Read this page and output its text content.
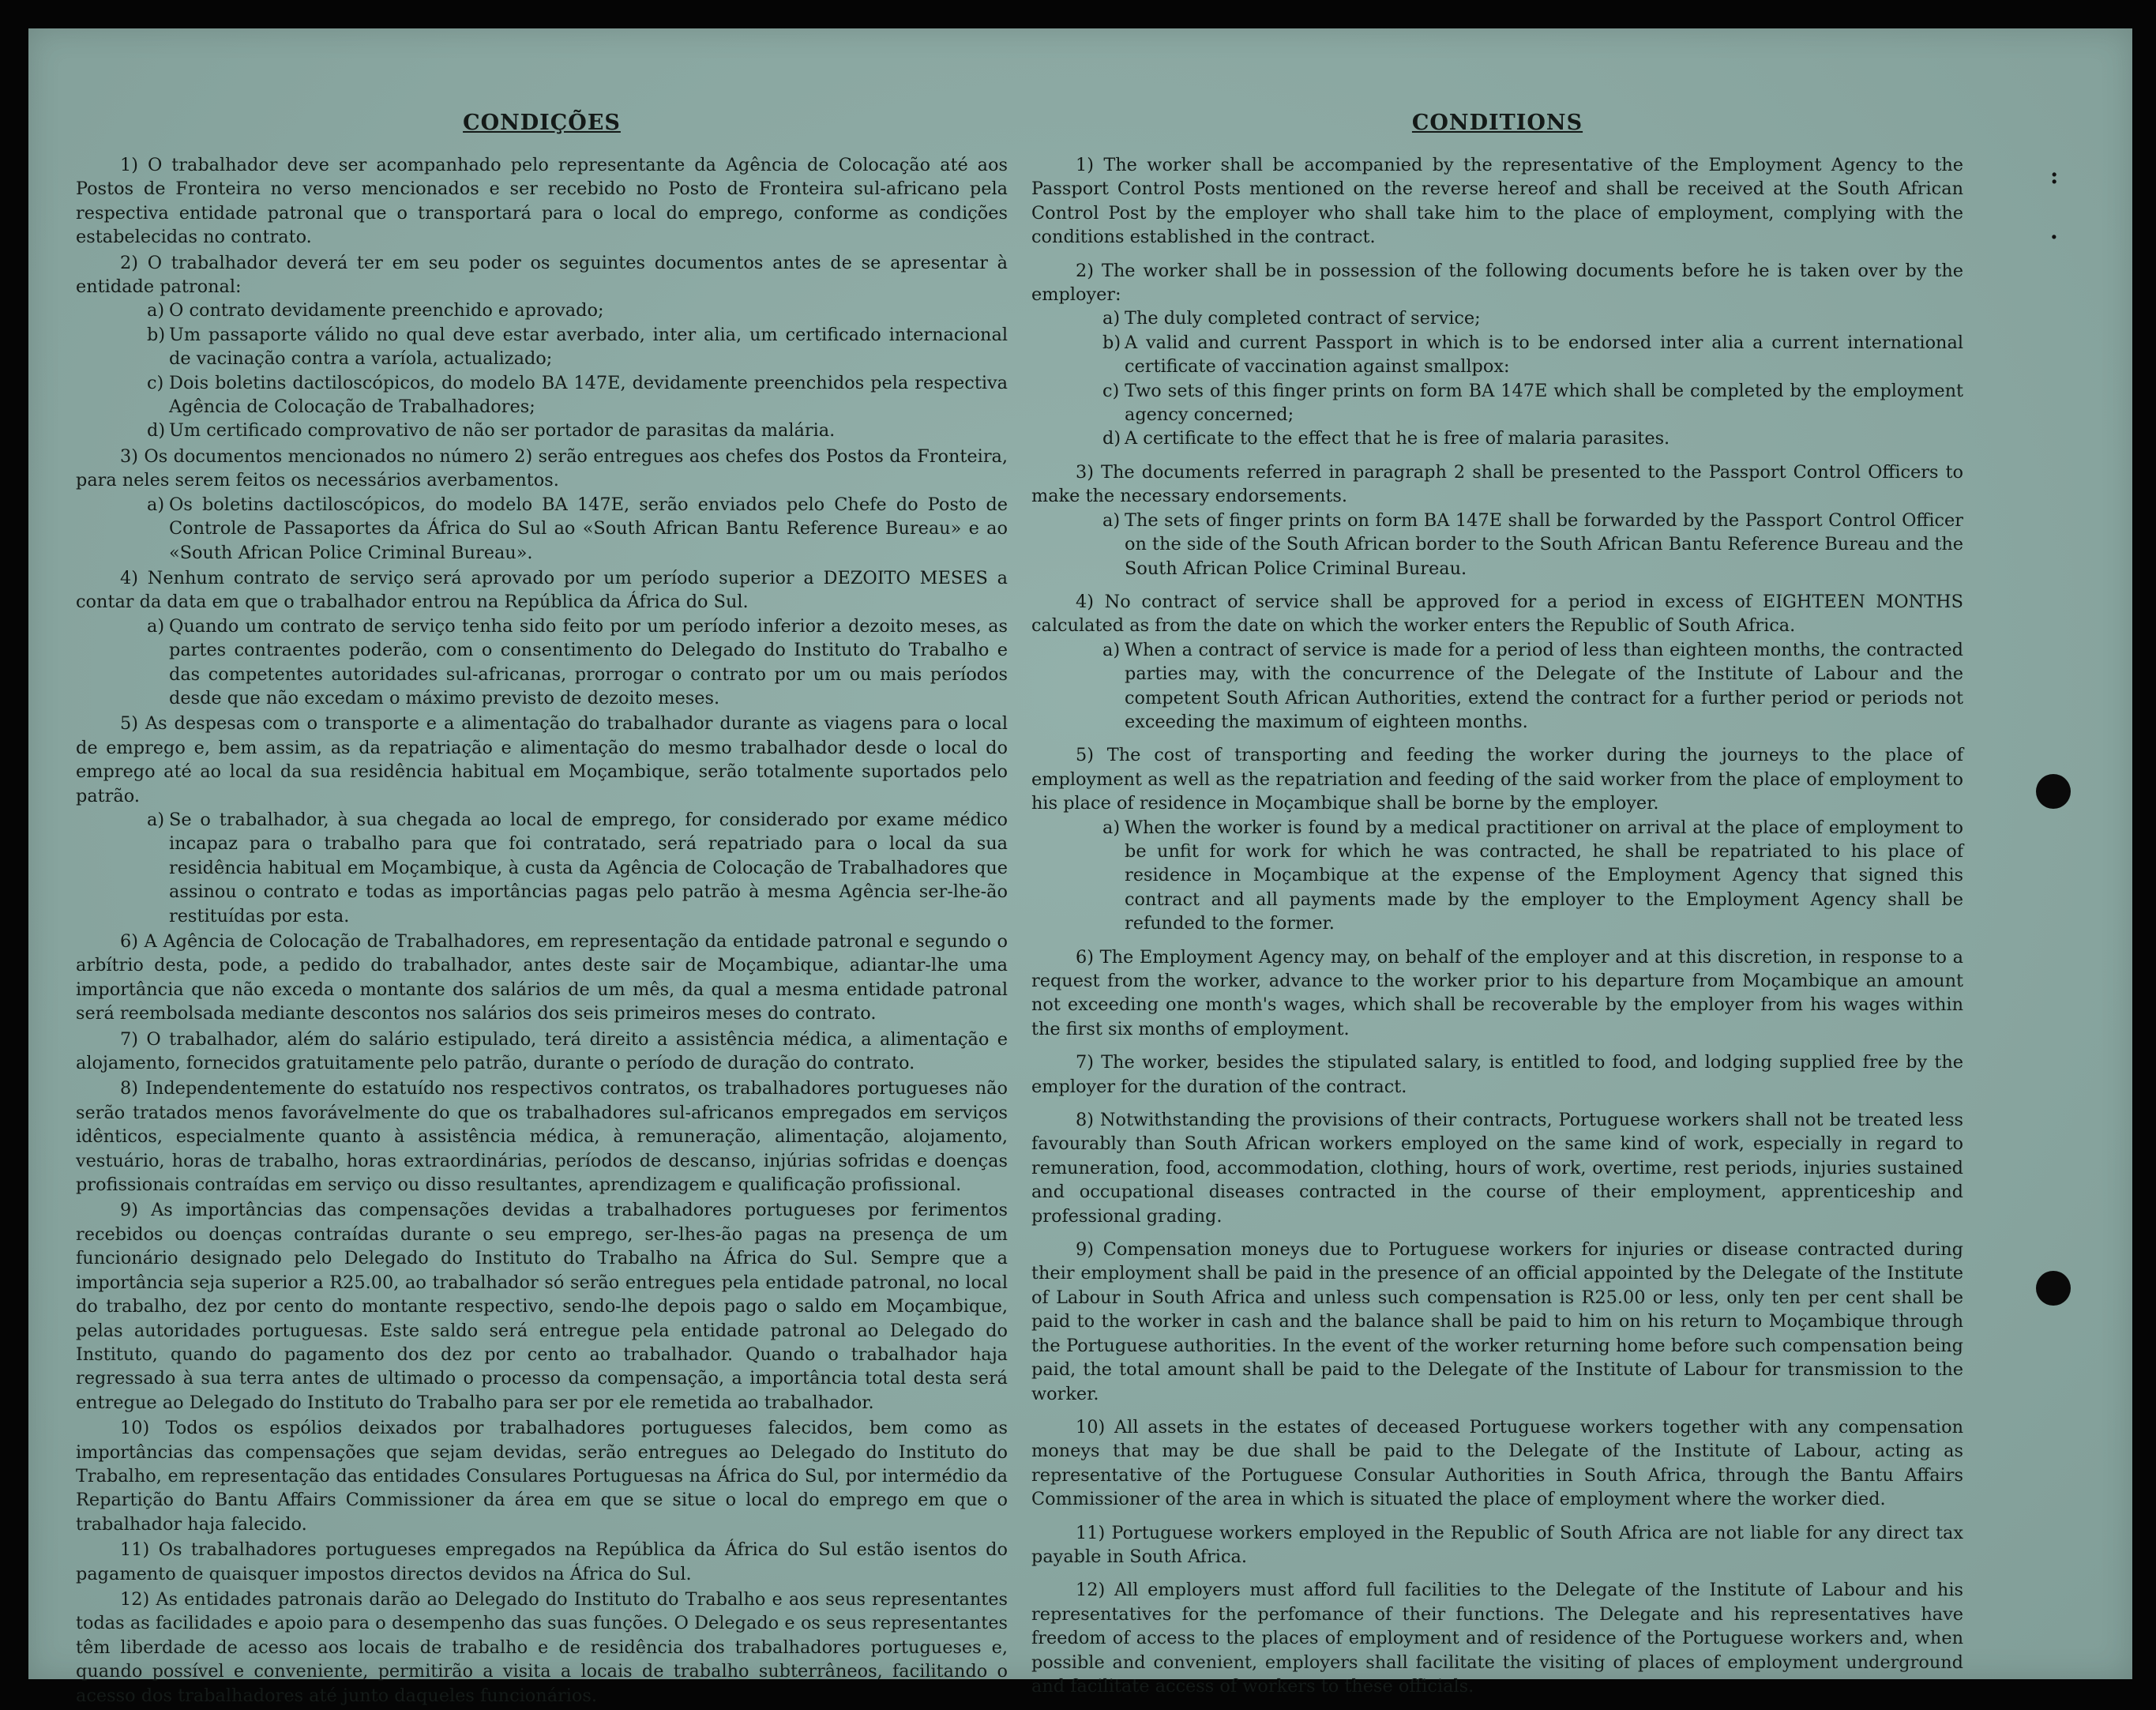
CONDIÇÕES

1) O trabalhador deve ser acompanhado pelo representante da Agência de Colocação até aos Postos de Fronteira no verso mencionados e ser recebido no Posto de Fronteira sul-africano pela respectiva entidade patronal que o transportará para o local do emprego, conforme as condições estabelecidas no contrato.

2) O trabalhador deverá ter em seu poder os seguintes documentos antes de se apresentar à entidade patronal:

a) O contrato devidamente preenchido e aprovado;
b) Um passaporte válido no qual deve estar averbado, inter alia, um certificado internacional de vacinação contra a varíola, actualizado;
c) Dois boletins dactiloscópicos, do modelo BA 147E, devidamente preenchidos pela respectiva Agência de Colocação de Trabalhadores;
d) Um certificado comprovativo de não ser portador de parasitas da malária.

3) Os documentos mencionados no número 2) serão entregues aos chefes dos Postos da Fronteira, para neles serem feitos os necessários averbamentos.

a) Os boletins dactiloscópicos, do modelo BA 147E, serão enviados pelo Chefe do Posto de Controle de Passaportes da África do Sul ao «South African Bantu Reference Bureau» e ao «South African Police Criminal Bureau».

4) Nenhum contrato de serviço será aprovado por um período superior a DEZOITO MESES a contar da data em que o trabalhador entrou na República da África do Sul.

a) Quando um contrato de serviço tenha sido feito por um período inferior a dezoito meses, as partes contraentes poderão, com o consentimento do Delegado do Instituto do Trabalho e das competentes autoridades sul-africanas, prorrogar o contrato por um ou mais períodos desde que não excedam o máximo previsto de dezoito meses.

5) As despesas com o transporte e a alimentação do trabalhador durante as viagens para o local de emprego e, bem assim, as da repatriação e alimentação do mesmo trabalhador desde o local do emprego até ao local da sua residência habitual em Moçambique, serão totalmente suportados pelo patrão.

a) Se o trabalhador, à sua chegada ao local de emprego, for considerado por exame médico incapaz para o trabalho para que foi contratado, será repatriado para o local da sua residência habitual em Moçambique, à custa da Agência de Colocação de Trabalhadores que assinou o contrato e todas as importâncias pagas pelo patrão à mesma Agência ser-lhe-ão restituídas por esta.

6) A Agência de Colocação de Trabalhadores, em representação da entidade patronal e segundo o arbítrio desta, pode, a pedido do trabalhador, antes deste sair de Moçambique, adiantar-lhe uma importância que não exceda o montante dos salários de um mês, da qual a mesma entidade patronal será reembolsada mediante descontos nos salários dos seis primeiros meses do contrato.

7) O trabalhador, além do salário estipulado, terá direito a assistência médica, a alimentação e alojamento, fornecidos gratuitamente pelo patrão, durante o período de duração do contrato.

8) Independentemente do estatuído nos respectivos contratos, os trabalhadores portugueses não serão tratados menos favorávelmente do que os trabalhadores sul-africanos empregados em serviços idênticos, especialmente quanto à assistência médica, à remuneração, alimentação, alojamento, vestuário, horas de trabalho, horas extraordinárias, períodos de descanso, injúrias sofridas e doenças profissionais contraídas em serviço ou disso resultantes, aprendizagem e qualificação profissional.

9) As importâncias das compensações devidas a trabalhadores portugueses por ferimentos recebidos ou doenças contraídas durante o seu emprego, ser-lhes-ão pagas na presença de um funcionário designado pelo Delegado do Instituto do Trabalho na África do Sul. Sempre que a importância seja superior a R25.00, ao trabalhador só serão entregues pela entidade patronal, no local do trabalho, dez por cento do montante respectivo, sendo-lhe depois pago o saldo em Moçambique, pelas autoridades portuguesas. Este saldo será entregue pela entidade patronal ao Delegado do Instituto, quando do pagamento dos dez por cento ao trabalhador. Quando o trabalhador haja regressado à sua terra antes de ultimado o processo da compensação, a importância total desta será entregue ao Delegado do Instituto do Trabalho para ser por ele remetida ao trabalhador.

10) Todos os espólios deixados por trabalhadores portugueses falecidos, bem como as importâncias das compensações que sejam devidas, serão entregues ao Delegado do Instituto do Trabalho, em representação das entidades Consulares Portuguesas na África do Sul, por intermédio da Repartição do Bantu Affairs Commissioner da área em que se situe o local do emprego em que o trabalhador haja falecido.

11) Os trabalhadores portugueses empregados na República da África do Sul estão isentos do pagamento de quaisquer impostos directos devidos na África do Sul.

12) As entidades patronais darão ao Delegado do Instituto do Trabalho e aos seus representantes todas as facilidades e apoio para o desempenho das suas funções. O Delegado e os seus representantes têm liberdade de acesso aos locais de trabalho e de residência dos trabalhadores portugueses e, quando possível e conveniente, permitirão a visita a locais de trabalho subterrâneos, facilitando o acesso dos trabalhadores até junto daqueles funcionários.

CONDITIONS

1) The worker shall be accompanied by the representative of the Employment Agency to the Passport Control Posts mentioned on the reverse hereof and shall be received at the South African Control Post by the employer who shall take him to the place of employment, complying with the conditions established in the contract.

2) The worker shall be in possession of the following documents before he is taken over by the employer:

a) The duly completed contract of service;
b) A valid and current Passport in which is to be endorsed inter alia a current international certificate of vaccination against smallpox:
c) Two sets of this finger prints on form BA 147E which shall be completed by the employment agency concerned;
d) A certificate to the effect that he is free of malaria parasites.

3) The documents referred in paragraph 2 shall be presented to the Passport Control Officers to make the necessary endorsements.

a) The sets of finger prints on form BA 147E shall be forwarded by the Passport Control Officer on the side of the South African border to the South African Bantu Reference Bureau and the South African Police Criminal Bureau.

4) No contract of service shall be approved for a period in excess of EIGHTEEN MONTHS calculated as from the date on which the worker enters the Republic of South Africa.

a) When a contract of service is made for a period of less than eighteen months, the contracted parties may, with the concurrence of the Delegate of the Institute of Labour and the competent South African Authorities, extend the contract for a further period or periods not exceeding the maximum of eighteen months.

5) The cost of transporting and feeding the worker during the journeys to the place of employment as well as the repatriation and feeding of the said worker from the place of employment to his place of residence in Moçambique shall be borne by the employer.

a) When the worker is found by a medical practitioner on arrival at the place of employment to be unfit for work for which he was contracted, he shall be repatriated to his place of residence in Moçambique at the expense of the Employment Agency that signed this contract and all payments made by the employer to the Employment Agency shall be refunded to the former.

6) The Employment Agency may, on behalf of the employer and at this discretion, in response to a request from the worker, advance to the worker prior to his departure from Moçambique an amount not exceeding one month's wages, which shall be recoverable by the employer from his wages within the first six months of employment.

7) The worker, besides the stipulated salary, is entitled to food, and lodging supplied free by the employer for the duration of the contract.

8) Notwithstanding the provisions of their contracts, Portuguese workers shall not be treated less favourably than South African workers employed on the same kind of work, especially in regard to remuneration, food, accommodation, clothing, hours of work, overtime, rest periods, injuries sustained and occupational diseases contracted in the course of their employment, apprenticeship and professional grading.

9) Compensation moneys due to Portuguese workers for injuries or disease contracted during their employment shall be paid in the presence of an official appointed by the Delegate of the Institute of Labour in South Africa and unless such compensation is R25.00 or less, only ten per cent shall be paid to the worker in cash and the balance shall be paid to him on his return to Moçambique through the Portuguese authorities. In the event of the worker returning home before such compensation being paid, the total amount shall be paid to the Delegate of the Institute of Labour for transmission to the worker.

10) All assets in the estates of deceased Portuguese workers together with any compensation moneys that may be due shall be paid to the Delegate of the Institute of Labour, acting as representative of the Portuguese Consular Authorities in South Africa, through the Bantu Affairs Commissioner of the area in which is situated the place of employment where the worker died.

11) Portuguese workers employed in the Republic of South Africa are not liable for any direct tax payable in South Africa.

12) All employers must afford full facilities to the Delegate of the Institute of Labour and his representatives for the perfomance of their functions. The Delegate and his representatives have freedom of access to the places of employment and of residence of the Portuguese workers and, when possible and convenient, employers shall facilitate the visiting of places of employment underground and facilitate access of workers to these officials.

:
.
